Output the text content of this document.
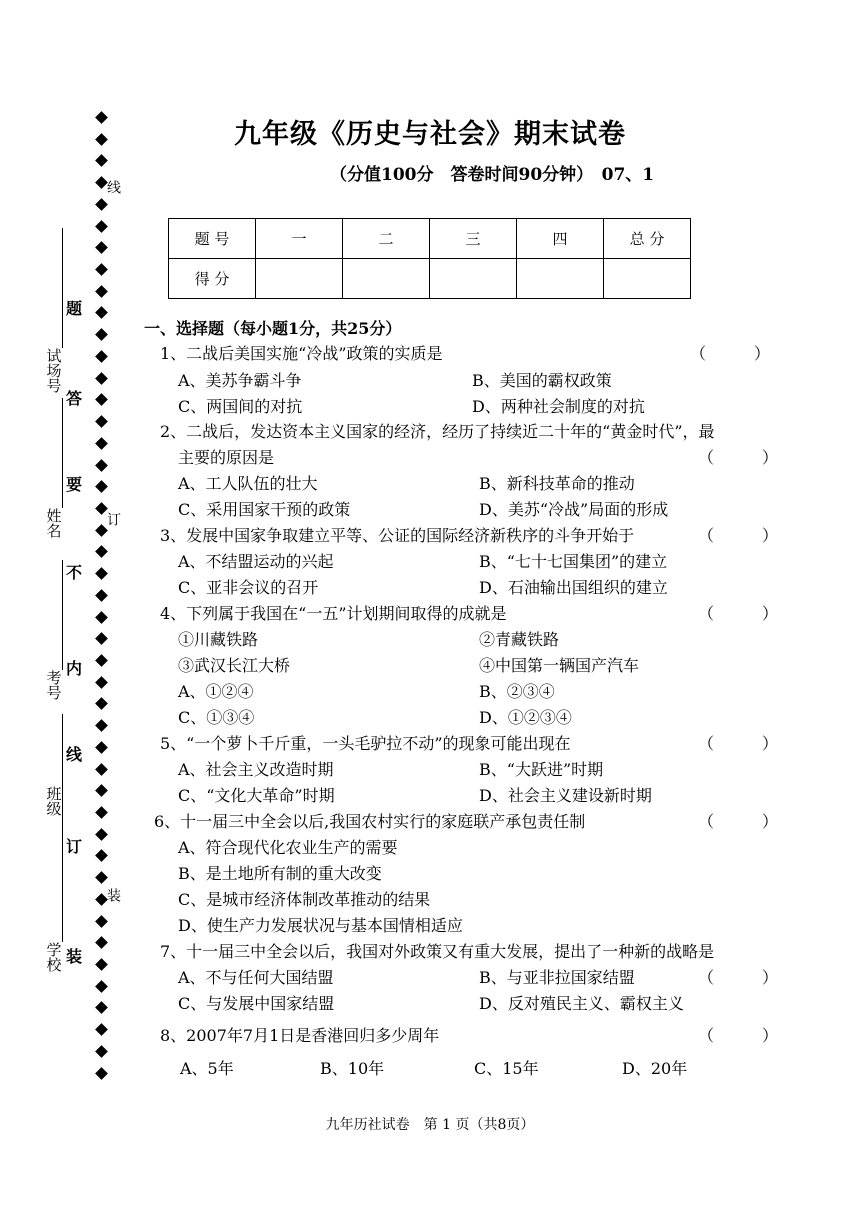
九年级《历史与社会》期末试卷
（分值100分　答卷时间90分钟）　07、1
题 号	一	二	三	四	总 分
得 分					
试场号
姓名
考号
班级
学校
题
答
要
不
内
线
订
装
线
订
装
一、选择题（每小题1分，共25分）
1、二战后美国实施“冷战”政策的实质是	（　　　）
A、美苏争霸斗争	B、美国的霸权政策
C、两国间的对抗	D、两种社会制度的对抗
2、二战后，发达资本主义国家的经济，经历了持续近二十年的“黄金时代”，最
主要的原因是	（　　　）
A、工人队伍的壮大	B、新科技革命的推动
C、采用国家干预的政策	D、美苏“冷战”局面的形成
3、发展中国家争取建立平等、公证的国际经济新秩序的斗争开始于	（　　　）
A、不结盟运动的兴起	B、“七十七国集团”的建立
C、亚非会议的召开	D、石油输出国组织的建立
4、下列属于我国在“一五”计划期间取得的成就是	（　　　）
①川藏铁路	②青藏铁路
③武汉长江大桥	④中国第一辆国产汽车
A、①②④	B、②③④
C、①③④	D、①②③④
5、“一个萝卜千斤重，一头毛驴拉不动”的现象可能出现在	（　　　）
A、社会主义改造时期	B、“大跃进”时期
C、“文化大革命”时期	D、社会主义建设新时期
6、十一届三中全会以后,我国农村实行的家庭联产承包责任制	（　　　）
A、符合现代化农业生产的需要
B、是土地所有制的重大改变
C、是城市经济体制改革推动的结果
D、使生产力发展状况与基本国情相适应
7、十一届三中全会以后，我国对外政策又有重大发展，提出了一种新的战略是
A、不与任何大国结盟	B、与亚非拉国家结盟	（　　　）
C、与发展中国家结盟	D、反对殖民主义、霸权主义
8、2007年7月1日是香港回归多少周年	（　　　）
A、5年	B、10年	C、15年	D、20年
九年历社试卷　第 1 页（共8页）
